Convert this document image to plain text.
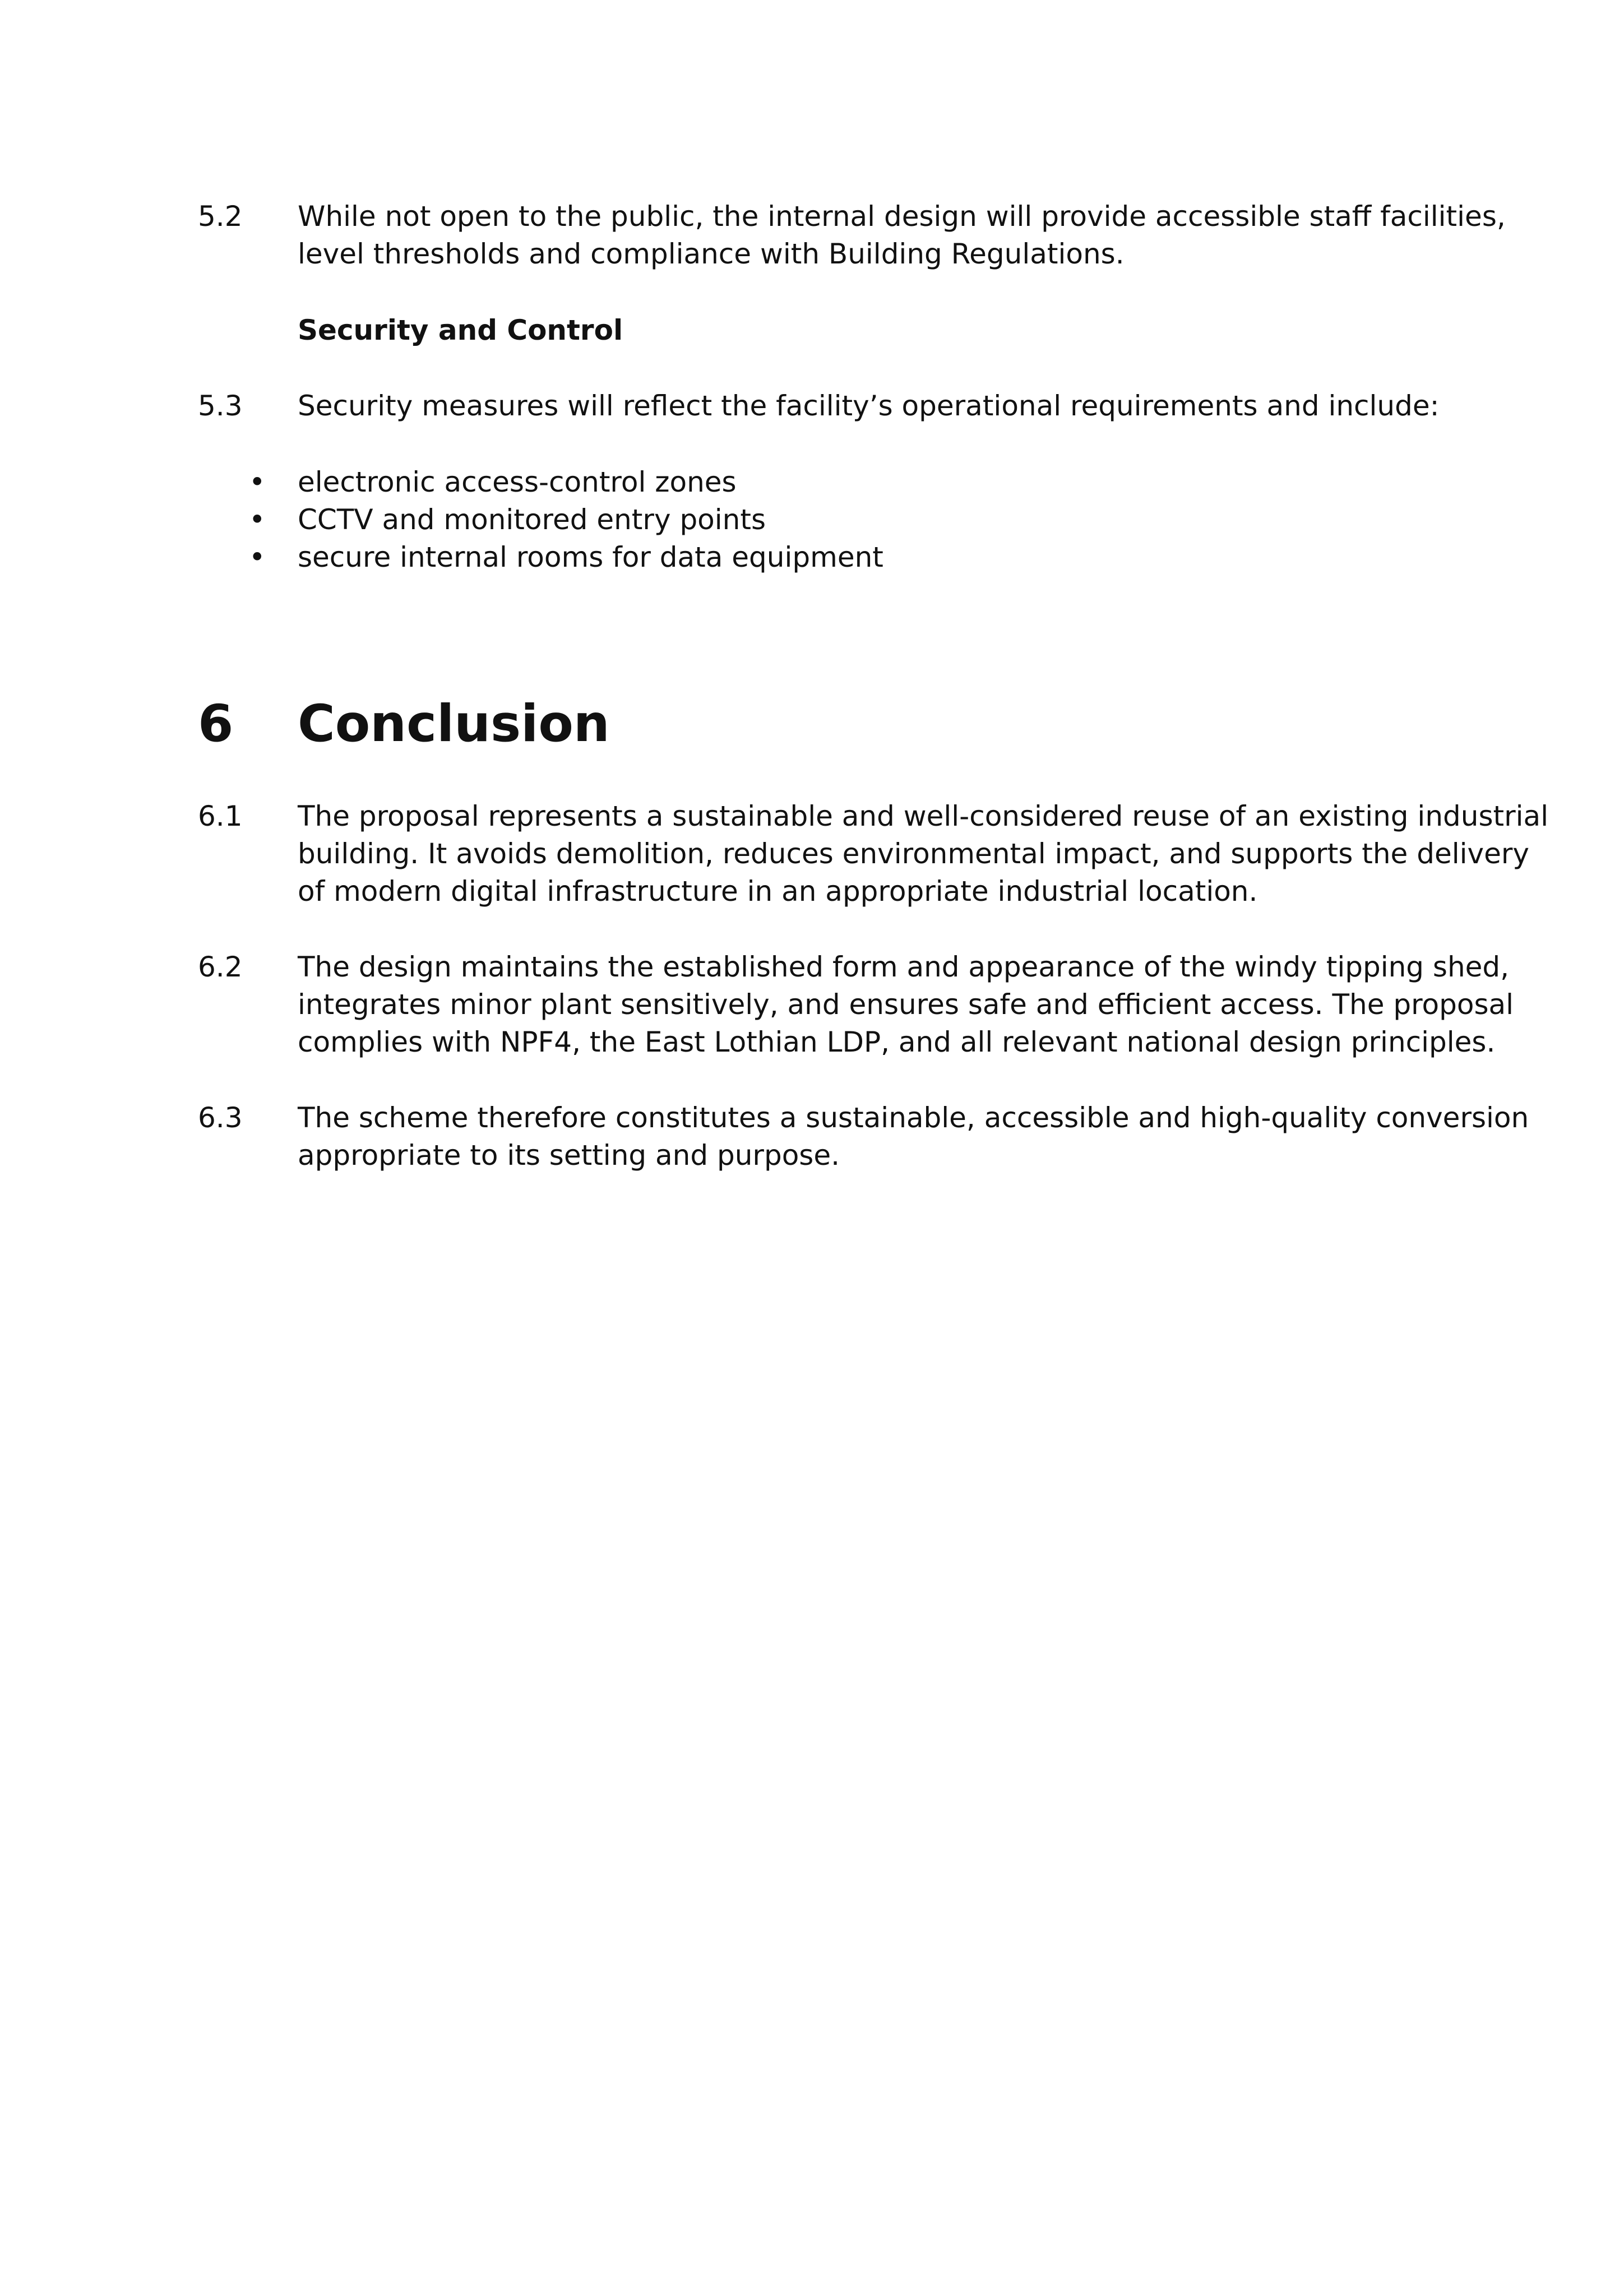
5.2 While not open to the public, the internal design will provide accessible staff facilities,
level thresholds and compliance with Building Regulations.
Security and Control
5.3 Security measures will reflect the facility’s operational requirements and include:
• electronic access-control zones
• CCTV and monitored entry points
• secure internal rooms for data equipment
6 Conclusion
6.1 The proposal represents a sustainable and well-considered reuse of an existing industrial
building. It avoids demolition, reduces environmental impact, and supports the delivery
of modern digital infrastructure in an appropriate industrial location.
6.2 The design maintains the established form and appearance of the windy tipping shed,
integrates minor plant sensitively, and ensures safe and efficient access. The proposal
complies with NPF4, the East Lothian LDP, and all relevant national design principles.
6.3 The scheme therefore constitutes a sustainable, accessible and high-quality conversion
appropriate to its setting and purpose.
